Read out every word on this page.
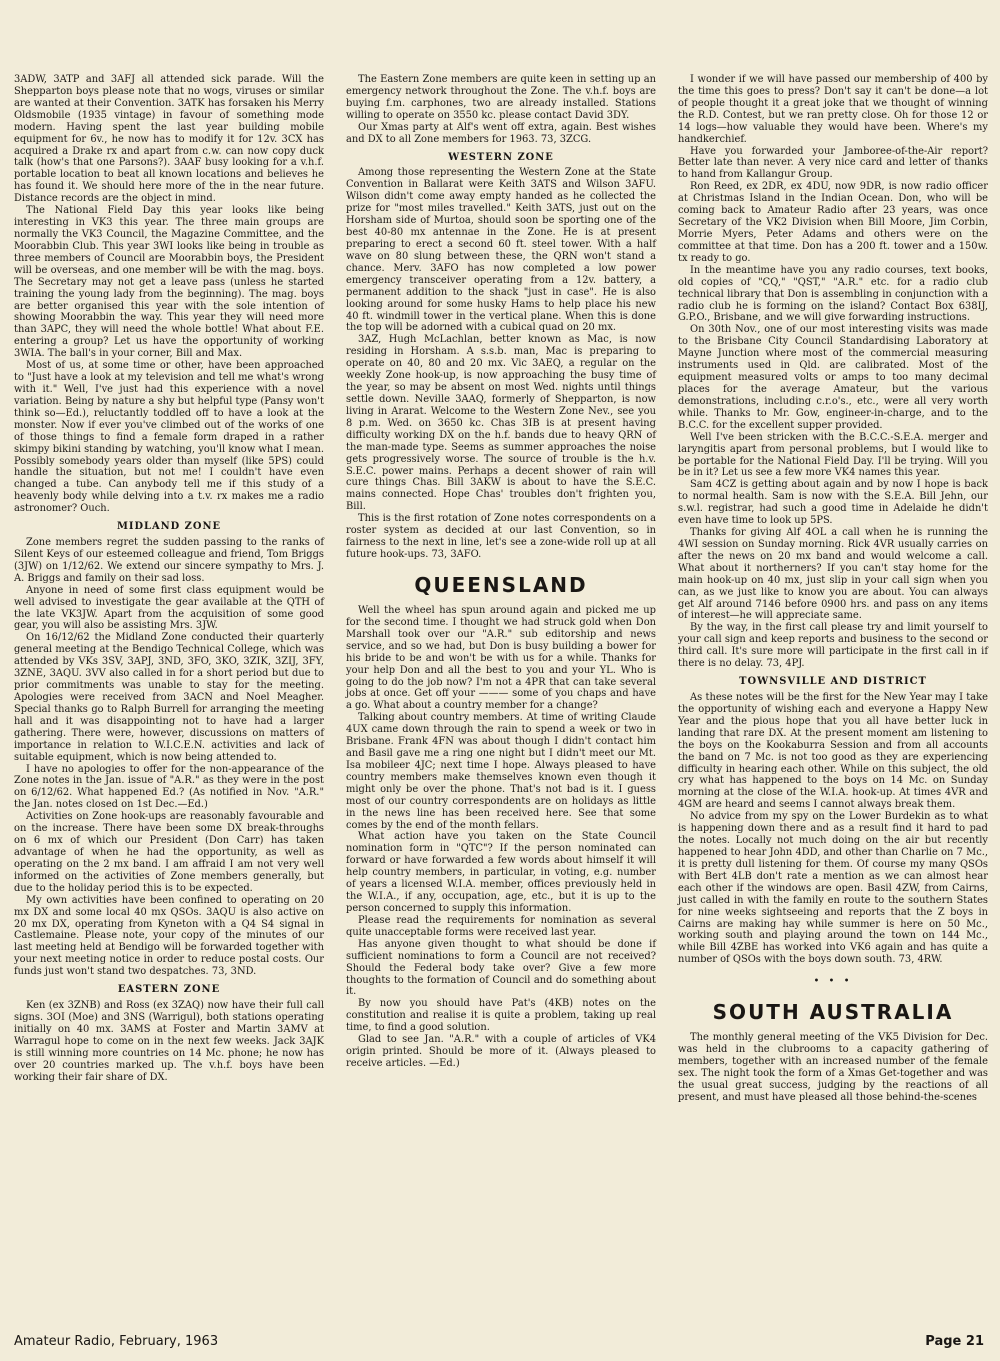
3ADW, 3ATP and 3AFJ all attended sick parade. Will the Shepparton boys please note that no wogs, viruses or similar are wanted at their Convention. 3ATK has forsaken his Merry Oldsmobile (1935 vintage) in favour of something mode modern. Having spent the last year building mobile equipment for 6v., he now has to modify it for 12v. 3CX has acquired a Drake rx and apart from c.w. can now copy duck talk (how's that one Parsons?). 3AAF busy looking for a v.h.f. portable location to beat all known locations and believes he has found it. We should here more of the in the near future. Distance records are the object in mind.

The National Field Day this year looks like being interesting in VK3 this year. The three main groups are normally the VK3 Council, the Magazine Committee, and the Moorabbin Club. This year 3WI looks like being in trouble as three members of Council are Moorabbin boys, the President will be overseas, and one member will be with the mag. boys. The Secretary may not get a leave pass (unless he started training the young lady from the beginning). The mag. boys are better organised this year with the sole intention of showing Moorabbin the way. This year they will need more than 3APC, they will need the whole bottle! What about F.E. entering a group? Let us have the opportunity of working 3WIA. The ball's in your corner, Bill and Max.

Most of us, at some time or other, have been approached to "Just have a look at my television and tell me what's wrong with it." Well, I've just had this experience with a novel variation. Being by nature a shy but helpful type (Pansy won't think so—Ed.), reluctantly toddled off to have a look at the monster. Now if ever you've climbed out of the works of one of those things to find a female form draped in a rather skimpy bikini standing by watching, you'll know what I mean. Possibly somebody years older than myself (like 5PS) could handle the situation, but not me! I couldn't have even changed a tube. Can anybody tell me if this study of a heavenly body while delving into a t.v. rx makes me a radio astronomer? Ouch.

MIDLAND ZONE

Zone members regret the sudden passing to the ranks of Silent Keys of our esteemed colleague and friend, Tom Briggs (3JW) on 1/12/62. We extend our sincere sympathy to Mrs. J. A. Briggs and family on their sad loss.

Anyone in need of some first class equipment would be well advised to investigate the gear available at the QTH of the late VK3JW. Apart from the acquisition of some good gear, you will also be assisting Mrs. 3JW.

On 16/12/62 the Midland Zone conducted their quarterly general meeting at the Bendigo Technical College, which was attended by VKs 3SV, 3APJ, 3ND, 3FO, 3KO, 3ZIK, 3ZIJ, 3FY, 3ZNE, 3AQU. 3VV also called in for a short period but due to prior commitments was unable to stay for the meeting. Apologies were received from 3ACN and Noel Meagher. Special thanks go to Ralph Burrell for arranging the meeting hall and it was disappointing not to have had a larger gathering. There were, however, discussions on matters of importance in relation to W.I.C.E.N. activities and lack of suitable equipment, which is now being attended to.

I have no apologies to offer for the non-appearance of the Zone notes in the Jan. issue of "A.R." as they were in the post on 6/12/62. What happened Ed.? (As notified in Nov. "A.R." the Jan. notes closed on 1st Dec.—Ed.)

Activities on Zone hook-ups are reasonably favourable and on the increase. There have been some DX break-throughs on 6 mx of which our President (Don Carr) has taken advantage of when he had the opportunity, as well as operating on the 2 mx band. I am affraid I am not very well informed on the activities of Zone members generally, but due to the holiday period this is to be expected.

My own activities have been confined to operating on 20 mx DX and some local 40 mx QSOs. 3AQU is also active on 20 mx DX, operating from Kyneton with a Q4 S4 signal in Castlemaine. Please note, your copy of the minutes of our last meeting held at Bendigo will be forwarded together with your next meeting notice in order to reduce postal costs. Our funds just won't stand two despatches. 73, 3ND.

EASTERN ZONE

Ken (ex 3ZNB) and Ross (ex 3ZAQ) now have their full call signs. 3OI (Moe) and 3NS (Warrigul), both stations operating initially on 40 mx. 3AMS at Foster and Martin 3AMV at Warragul hope to come on in the next few weeks. Jack 3AJK is still winning more countries on 14 Mc. phone; he now has over 20 countries marked up. The v.h.f. boys have been working their fair share of DX.

The Eastern Zone members are quite keen in setting up an emergency network throughout the Zone. The v.h.f. boys are buying f.m. carphones, two are already installed. Stations willing to operate on 3550 kc. please contact David 3DY.

Our Xmas party at Alf's went off extra, again. Best wishes and DX to all Zone members for 1963. 73, 3ZCG.

WESTERN ZONE

Among those representing the Western Zone at the State Convention in Ballarat were Keith 3ATS and Wilson 3AFU. Wilson didn't come away empty handed as he collected the prize for "most miles travelled." Keith 3ATS, just out on the Horsham side of Murtoa, should soon be sporting one of the best 40-80 mx antennae in the Zone. He is at present preparing to erect a second 60 ft. steel tower. With a half wave on 80 slung between these, the QRN won't stand a chance. Merv. 3AFO has now completed a low power emergency transceiver operating from a 12v. battery, a permanent addition to the shack "just in case". He is also looking around for some husky Hams to help place his new 40 ft. windmill tower in the vertical plane. When this is done the top will be adorned with a cubical quad on 20 mx.

3AZ, Hugh McLachlan, better known as Mac, is now residing in Horsham. A s.s.b. man, Mac is preparing to operate on 40, 80 and 20 mx. Vic 3AEQ, a regular on the weekly Zone hook-up, is now approaching the busy time of the year, so may be absent on most Wed. nights until things settle down. Neville 3AAQ, formerly of Shepparton, is now living in Ararat. Welcome to the Western Zone Nev., see you 8 p.m. Wed. on 3650 kc. Chas 3IB is at present having difficulty working DX on the h.f. bands due to heavy QRN of the man-made type. Seems as summer approaches the noise gets progressively worse. The source of trouble is the h.v. S.E.C. power mains. Perhaps a decent shower of rain will cure things Chas. Bill 3AKW is about to have the S.E.C. mains connected. Hope Chas' troubles don't frighten you, Bill.

This is the first rotation of Zone notes correspondents on a roster system as decided at our last Convention, so in fairness to the next in line, let's see a zone-wide roll up at all future hook-ups. 73, 3AFO.

QUEENSLAND

Well the wheel has spun around again and picked me up for the second time. I thought we had struck gold when Don Marshall took over our "A.R." sub editorship and news service, and so we had, but Don is busy building a bower for his bride to be and won't be with us for a while. Thanks for your help Don and all the best to you and your YL. Who is going to do the job now? I'm not a 4PR that can take several jobs at once. Get off your ——— some of you chaps and have a go. What about a country member for a change?

Talking about country members. At time of writing Claude 4UX came down through the rain to spend a week or two in Brisbane. Frank 4FN was about though I didn't contact him and Basil gave me a ring one night but I didn't meet our Mt. Isa mobileer 4JC; next time I hope. Always pleased to have country members make themselves known even though it might only be over the phone. That's not bad is it. I guess most of our country correspondents are on holidays as little in the news line has been received here. See that some comes by the end of the month fellars.

What action have you taken on the State Council nomination form in "QTC"? If the person nominated can forward or have forwarded a few words about himself it will help country members, in particular, in voting, e.g. number of years a licensed W.I.A. member, offices previously held in the W.I.A., if any, occupation, age, etc., but it is up to the person concerned to supply this information.

Please read the requirements for nomination as several quite unacceptable forms were received last year.

Has anyone given thought to what should be done if sufficient nominations to form a Council are not received? Should the Federal body take over? Give a few more thoughts to the formation of Council and do something about it.

By now you should have Pat's (4KB) notes on the constitution and realise it is quite a problem, taking up real time, to find a good solution.

Glad to see Jan. "A.R." with a couple of articles of VK4 origin printed. Should be more of it. (Always pleased to receive articles. —Ed.)

I wonder if we will have passed our membership of 400 by the time this goes to press? Don't say it can't be done—a lot of people thought it a great joke that we thought of winning the R.D. Contest, but we ran pretty close. Oh for those 12 or 14 logs—how valuable they would have been. Where's my handkerchief.

Have you forwarded your Jamboree-of-the-Air report? Better late than never. A very nice card and letter of thanks to hand from Kallangur Group.

Ron Reed, ex 2DR, ex 4DU, now 9DR, is now radio officer at Christmas Island in the Indian Ocean. Don, who will be coming back to Amateur Radio after 23 years, was once Secretary of the VK2 Division when Bill Moore, Jim Corbin, Morrie Myers, Peter Adams and others were on the committee at that time. Don has a 200 ft. tower and a 150w. tx ready to go.

In the meantime have you any radio courses, text books, old copies of "CQ," "QST," "A.R." etc. for a radio club technical library that Don is assembling in conjunction with a radio club he is forming on the island? Contact Box 638IJ, G.P.O., Brisbane, and we will give forwarding instructions.

On 30th Nov., one of our most interesting visits was made to the Brisbane City Council Standardising Laboratory at Mayne Junction where most of the commercial measuring instruments used in Qld. are calibrated. Most of the equipment measured volts or amps to too many decimal places for the average Amateur, but the various demonstrations, including c.r.o's., etc., were all very worth while. Thanks to Mr. Gow, engineer-in-charge, and to the B.C.C. for the excellent supper provided.

Well I've been stricken with the B.C.C.-S.E.A. merger and laryngitis apart from personal problems, but I would like to be portable for the National Field Day. I'll be trying. Will you be in it? Let us see a few more VK4 names this year.

Sam 4CZ is getting about again and by now I hope is back to normal health. Sam is now with the S.E.A. Bill Jehn, our s.w.l. registrar, had such a good time in Adelaide he didn't even have time to look up 5PS.

Thanks for giving Alf 4OL a call when he is running the 4WI session on Sunday morning. Rick 4VR usually carries on after the news on 20 mx band and would welcome a call. What about it northerners? If you can't stay home for the main hook-up on 40 mx, just slip in your call sign when you can, as we just like to know you are about. You can always get Alf around 7146 before 0900 hrs. and pass on any items of interest—he will appreciate same.

By the way, in the first call please try and limit yourself to your call sign and keep reports and business to the second or third call. It's sure more will participate in the first call in if there is no delay. 73, 4PJ.

TOWNSVILLE AND DISTRICT

As these notes will be the first for the New Year may I take the opportunity of wishing each and everyone a Happy New Year and the pious hope that you all have better luck in landing that rare DX. At the present moment am listening to the boys on the Kookaburra Session and from all accounts the band on 7 Mc. is not too good as they are experiencing difficulty in hearing each other. While on this subject, the old cry what has happened to the boys on 14 Mc. on Sunday morning at the close of the W.I.A. hook-up. At times 4VR and 4GM are heard and seems I cannot always break them.

No advice from my spy on the Lower Burdekin as to what is happening down there and as a result find it hard to pad the notes. Locally not much doing on the air but recently happened to hear John 4DD, and other than Charlie on 7 Mc., it is pretty dull listening for them. Of course my many QSOs with Bert 4LB don't rate a mention as we can almost hear each other if the windows are open. Basil 4ZW, from Cairns, just called in with the family en route to the southern States for nine weeks sightseeing and reports that the Z boys in Cairns are making hay while summer is here on 50 Mc., working south and playing around the town on 144 Mc., while Bill 4ZBE has worked into VK6 again and has quite a number of QSOs with the boys down south. 73, 4RW.

• • •
SOUTH AUSTRALIA

The monthly general meeting of the VK5 Division for Dec. was held in the clubrooms to a capacity gathering of members, together with an increased number of the female sex. The night took the form of a Xmas Get-together and was the usual great success, judging by the reactions of all present, and must have pleased all those behind-the-scenes

Amateur Radio, February, 1963	Page 21
